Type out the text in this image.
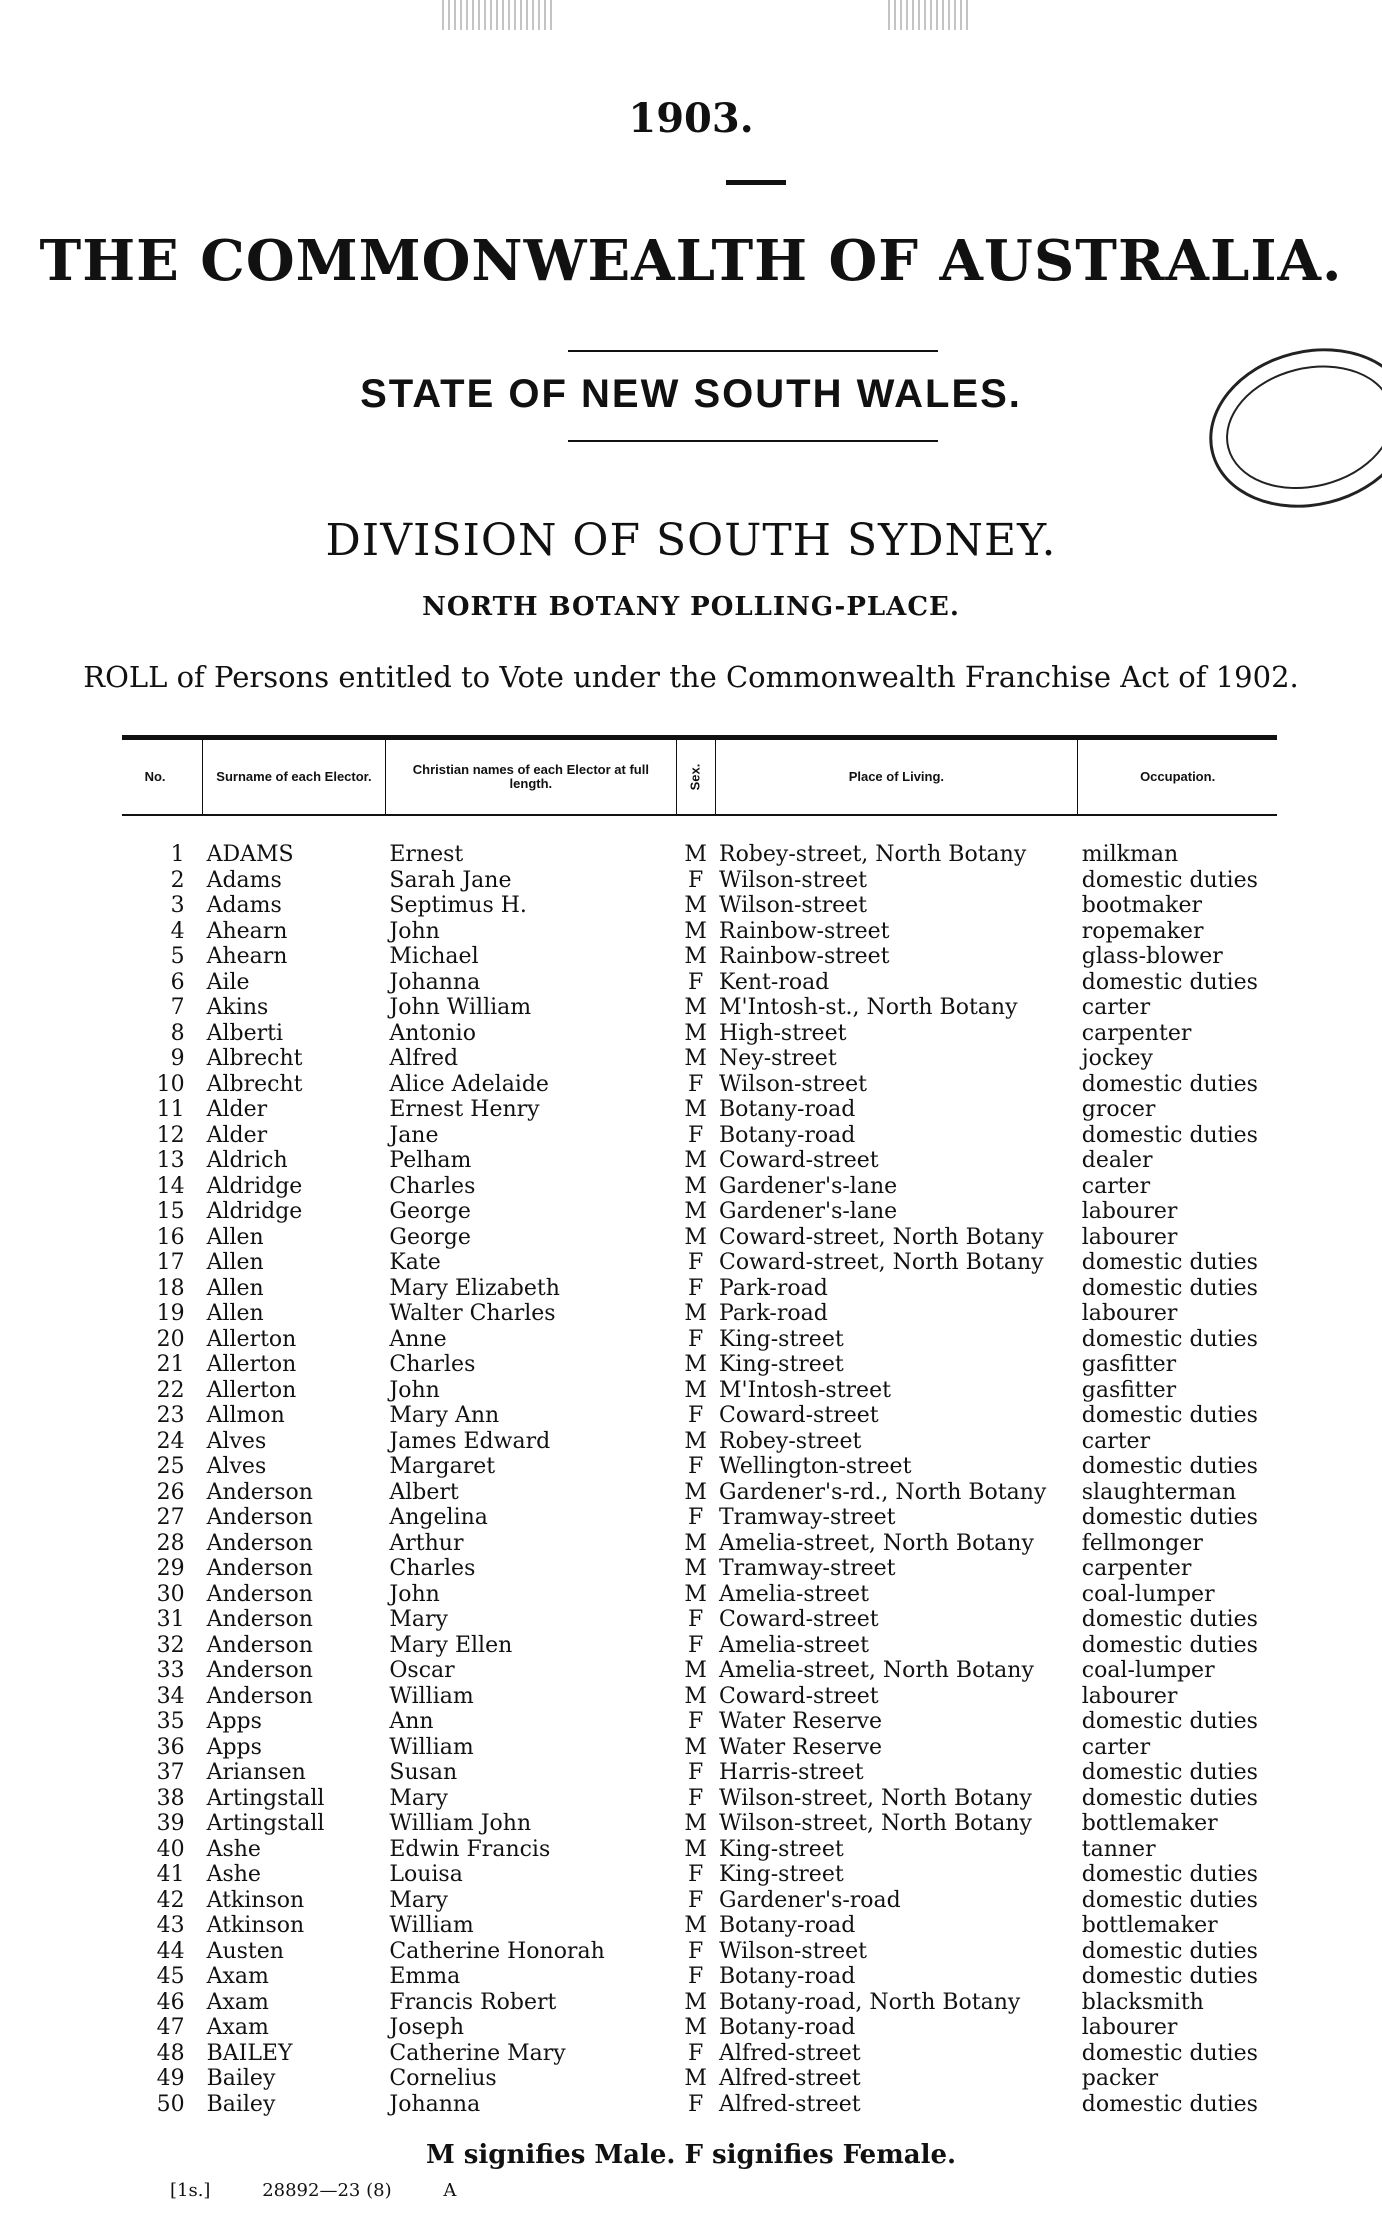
1903.
THE COMMONWEALTH OF AUSTRALIA.
STATE OF NEW SOUTH WALES.
DIVISION OF SOUTH SYDNEY.
NORTH BOTANY POLLING-PLACE.
ROLL of Persons entitled to Vote under the Commonwealth Franchise Act of 1902.
No.	Surname of each Elector.	Christian names of each Elector at full length.	Sex.	Place of Living.	Occupation.
1	ADAMS	Ernest	M	Robey-street, North Botany	milkman
2	Adams	Sarah Jane	F	Wilson-street	domestic duties
3	Adams	Septimus H.	M	Wilson-street	bootmaker
4	Ahearn	John	M	Rainbow-street	ropemaker
5	Ahearn	Michael	M	Rainbow-street	glass-blower
6	Aile	Johanna	F	Kent-road	domestic duties
7	Akins	John William	M	M'Intosh-st., North Botany	carter
8	Alberti	Antonio	M	High-street	carpenter
9	Albrecht	Alfred	M	Ney-street	jockey
10	Albrecht	Alice Adelaide	F	Wilson-street	domestic duties
11	Alder	Ernest Henry	M	Botany-road	grocer
12	Alder	Jane	F	Botany-road	domestic duties
13	Aldrich	Pelham	M	Coward-street	dealer
14	Aldridge	Charles	M	Gardener's-lane	carter
15	Aldridge	George	M	Gardener's-lane	labourer
16	Allen	George	M	Coward-street, North Botany	labourer
17	Allen	Kate	F	Coward-street, North Botany	domestic duties
18	Allen	Mary Elizabeth	F	Park-road	domestic duties
19	Allen	Walter Charles	M	Park-road	labourer
20	Allerton	Anne	F	King-street	domestic duties
21	Allerton	Charles	M	King-street	gasfitter
22	Allerton	John	M	M'Intosh-street	gasfitter
23	Allmon	Mary Ann	F	Coward-street	domestic duties
24	Alves	James Edward	M	Robey-street	carter
25	Alves	Margaret	F	Wellington-street	domestic duties
26	Anderson	Albert	M	Gardener's-rd., North Botany	slaughterman
27	Anderson	Angelina	F	Tramway-street	domestic duties
28	Anderson	Arthur	M	Amelia-street, North Botany	fellmonger
29	Anderson	Charles	M	Tramway-street	carpenter
30	Anderson	John	M	Amelia-street	coal-lumper
31	Anderson	Mary	F	Coward-street	domestic duties
32	Anderson	Mary Ellen	F	Amelia-street	domestic duties
33	Anderson	Oscar	M	Amelia-street, North Botany	coal-lumper
34	Anderson	William	M	Coward-street	labourer
35	Apps	Ann	F	Water Reserve	domestic duties
36	Apps	William	M	Water Reserve	carter
37	Ariansen	Susan	F	Harris-street	domestic duties
38	Artingstall	Mary	F	Wilson-street, North Botany	domestic duties
39	Artingstall	William John	M	Wilson-street, North Botany	bottlemaker
40	Ashe	Edwin Francis	M	King-street	tanner
41	Ashe	Louisa	F	King-street	domestic duties
42	Atkinson	Mary	F	Gardener's-road	domestic duties
43	Atkinson	William	M	Botany-road	bottlemaker
44	Austen	Catherine Honorah	F	Wilson-street	domestic duties
45	Axam	Emma	F	Botany-road	domestic duties
46	Axam	Francis Robert	M	Botany-road, North Botany	blacksmith
47	Axam	Joseph	M	Botany-road	labourer
48	BAILEY	Catherine Mary	F	Alfred-street	domestic duties
49	Bailey	Cornelius	M	Alfred-street	packer
50	Bailey	Johanna	F	Alfred-street	domestic duties
M signifies Male. F signifies Female.
[1s.]	28892—23 (8)	A
